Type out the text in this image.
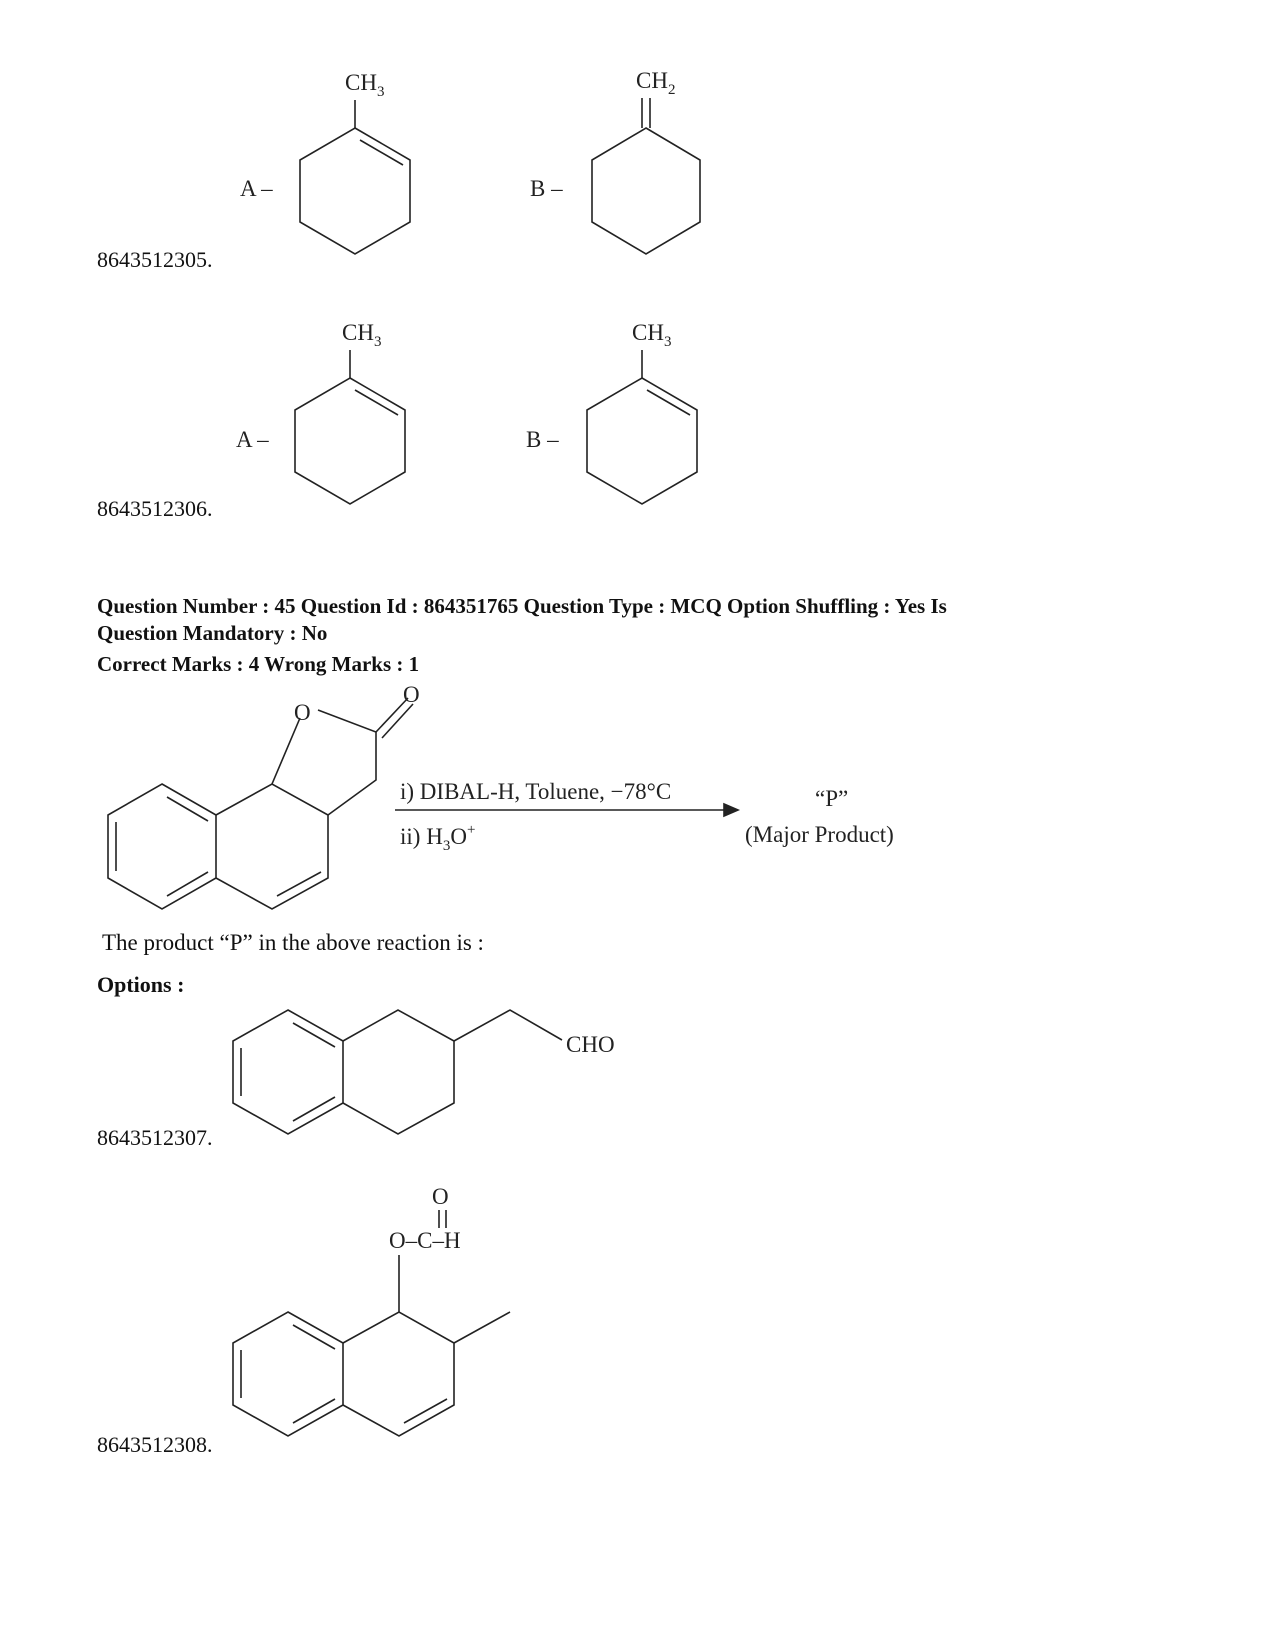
A –
$CH_3$
B –
$CH_2$
8643512305.
A –
$CH_3$
B –
$CH_3$
8643512306.
Question Number : 45 Question Id : 864351765 Question Type : MCQ Option Shuffling : Yes Is
Question Mandatory : No
Correct Marks : 4 Wrong Marks : 1
O
O
i) DIBAL-H, Toluene, −78°C
ii) $H_3O^+$
“P”
(Major Product)
The product “P” in the above reaction is :
Options :
CHO
8643512307.
O
O–C–H
8643512308.
